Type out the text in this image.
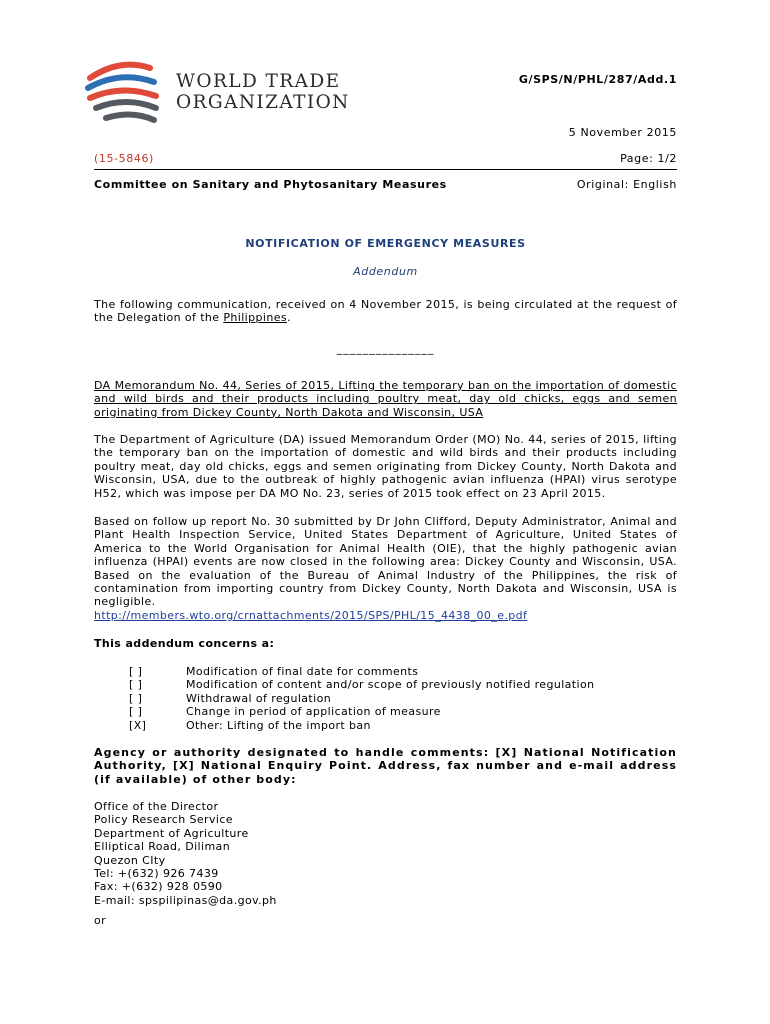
WORLD TRADE
ORGANIZATION
G/SPS/N/PHL/287/Add.1
5 November 2015
(15-5846)	Page: 1/2
Committee on Sanitary and Phytosanitary Measures	Original: English
NOTIFICATION OF EMERGENCY MEASURES
Addendum
The following communication, received on 4 November 2015, is being circulated at the request of the Delegation of the Philippines.
_______________
DA Memorandum No. 44, Series of 2015, Lifting the temporary ban on the importation of domestic and wild birds and their products including poultry meat, day old chicks, eggs and semen originating from Dickey County, North Dakota and Wisconsin, USA
The Department of Agriculture (DA) issued Memorandum Order (MO) No. 44, series of 2015, lifting the temporary ban on the importation of domestic and wild birds and their products including poultry meat, day old chicks, eggs and semen originating from Dickey County, North Dakota and Wisconsin, USA, due to the outbreak of highly pathogenic avian influenza (HPAI) virus serotype H52, which was impose per DA MO No. 23, series of 2015 took effect on 23 April 2015.
Based on follow up report No. 30 submitted by Dr John Clifford, Deputy Administrator, Animal and Plant Health Inspection Service, United States Department of Agriculture, United States of America to the World Organisation for Animal Health (OIE), that the highly pathogenic avian influenza (HPAI) events are now closed in the following area: Dickey County and Wisconsin, USA. Based on the evaluation of the Bureau of Animal Industry of the Philippines, the risk of contamination from importing country from Dickey County, North Dakota and Wisconsin, USA is negligible.
http://members.wto.org/crnattachments/2015/SPS/PHL/15_4438_00_e.pdf
This addendum concerns a:
[ ]	Modification of final date for comments
[ ]	Modification of content and/or scope of previously notified regulation
[ ]	Withdrawal of regulation
[ ]	Change in period of application of measure
[X]	Other: Lifting of the import ban
Agency or authority designated to handle comments: [X] National Notification Authority, [X] National Enquiry Point. Address, fax number and e-mail address (if available) of other body:
Office of the Director
Policy Research Service
Department of Agriculture
Elliptical Road, Diliman
Quezon CIty
Tel: +(632) 926 7439
Fax: +(632) 928 0590
E-mail: spspilipinas@da.gov.ph
or
